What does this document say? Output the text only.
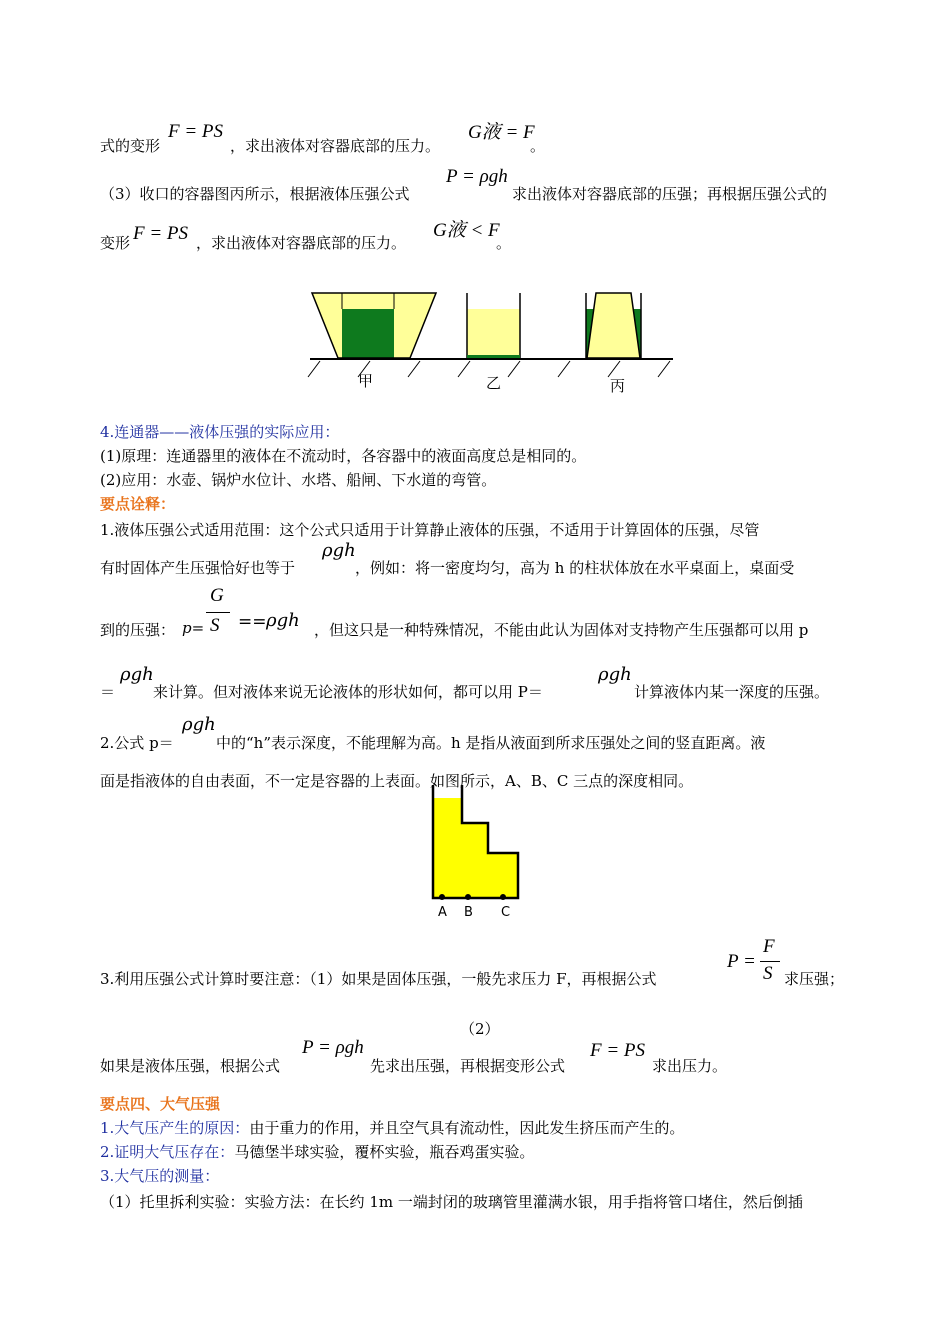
式的变形
F = PS
，求出液体对容器底部的压力。
G液 = F
。
（3）收口的容器图丙所示，根据液体压强公式
P = ρgh
求出液体对容器底部的压强；再根据压强公式的
变形 F = PS ，求出液体对容器底部的压力。
G液 < F
。
甲	乙	丙
4.连通器——液体压强的实际应用：
(1)原理：连通器里的液体在不流动时，各容器中的液面高度总是相同的。
(2)应用：水壶、锅炉水位计、水塔、船闸、下水道的弯管。
要点诠释：
1.液体压强公式适用范围：这个公式只适用于计算静止液体的压强，不适用于计算固体的压强，尽管
有时固体产生压强恰好也等于
ρgh
，例如：将一密度均匀，高为 h 的柱状体放在水平桌面上，桌面受
到的压强： p=
G
S == ρgh ，但这只是一种特殊情况，不能由此认为固体对支持物产生压强都可以用 p
＝
ρgh
来计算。但对液体来说无论液体的形状如何，都可以用 P＝
ρgh
计算液体内某一深度的压强。
2.公式 p＝
ρgh
中的“h”表示深度，不能理解为高。h 是指从液面到所求压强处之间的竖直距离。液
面是指液体的自由表面，不一定是容器的上表面。如图所示，A、B、C 三点的深度相同。
A B C
3.利用压强公式计算时要注意：（1）如果是固体压强，一般先求压力 F，再根据公式
P =
F
S 求压强；
（2）
如果是液体压强，根据公式
P = ρgh
先求出压强，再根据变形公式
F = PS
求出压力。
要点四、大气压强
1.大气压产生的原因：由于重力的作用，并且空气具有流动性，因此发生挤压而产生的。
2.证明大气压存在：马德堡半球实验，覆杯实验，瓶吞鸡蛋实验。
3.大气压的测量：
（1）托里拆利实验：实验方法：在长约 1m 一端封闭的玻璃管里灌满水银，用手指将管口堵住，然后倒插
